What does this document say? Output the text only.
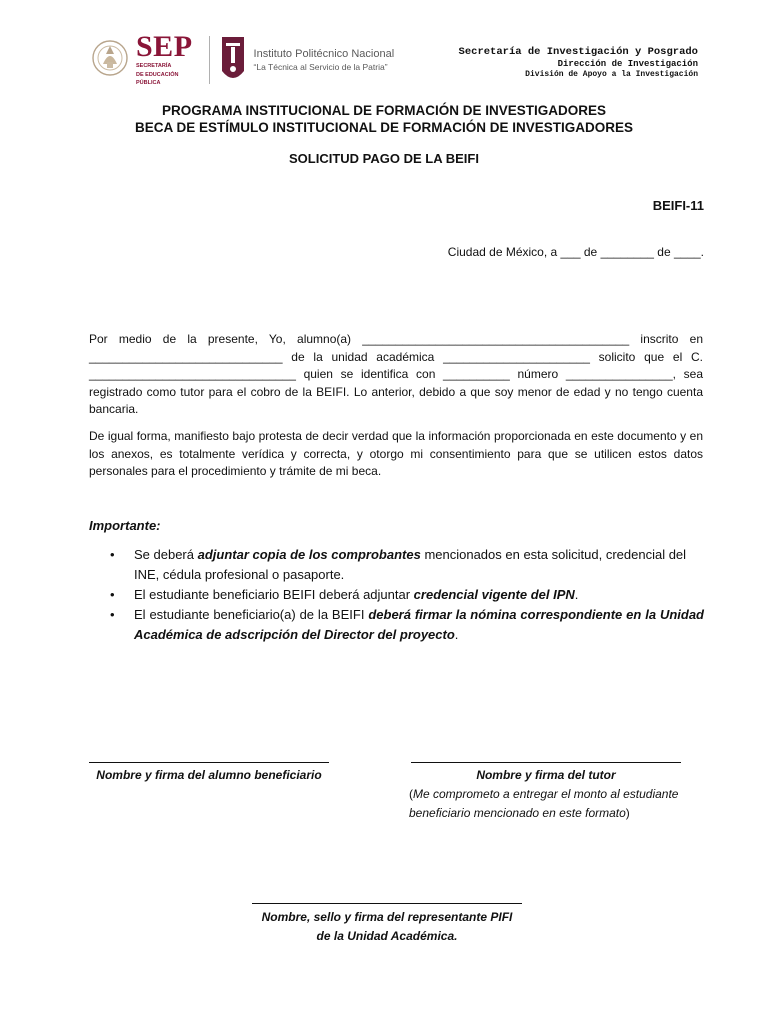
SEP
SECRETARÍA
DE EDUCACIÓN
PÚBLICA
Instituto Politécnico Nacional
“La Técnica al Servicio de la Patria”
Secretaría de Investigación y Posgrado
Dirección de Investigación
División de Apoyo a la Investigación
PROGRAMA INSTITUCIONAL DE FORMACIÓN DE INVESTIGADORES
BECA DE ESTÍMULO INSTITUCIONAL DE FORMACIÓN DE INVESTIGADORES
SOLICITUD PAGO DE LA BEIFI
BEIFI-11
Ciudad de México, a ___ de ________ de ____.
Por medio de la presente, Yo, alumno(a) ________________________________________ inscrito en _____________________________ de la unidad académica ______________________ solicito que el C. _______________________________ quien se identifica con __________ número ________________, sea registrado como tutor para el cobro de la BEIFI. Lo anterior, debido a que soy menor de edad y no tengo cuenta bancaria.
De igual forma, manifiesto bajo protesta de decir verdad que la información proporcionada en este documento y en los anexos, es totalmente verídica y correcta, y otorgo mi consentimiento para que se utilicen estos datos personales para el procedimiento y trámite de mi beca.
Importante:
• Se deberá adjuntar copia de los comprobantes mencionados en esta solicitud, credencial del INE, cédula profesional o pasaporte.
• El estudiante beneficiario BEIFI deberá adjuntar credencial vigente del IPN.
• El estudiante beneficiario(a) de la BEIFI deberá firmar la nómina correspondiente en la Unidad Académica de adscripción del Director del proyecto.
Nombre y firma del alumno beneficiario	Nombre y firma del tutor
(Me comprometo a entregar el monto al estudiante beneficiario mencionado en este formato)
Nombre, sello y firma del representante PIFI
de la Unidad Académica.
